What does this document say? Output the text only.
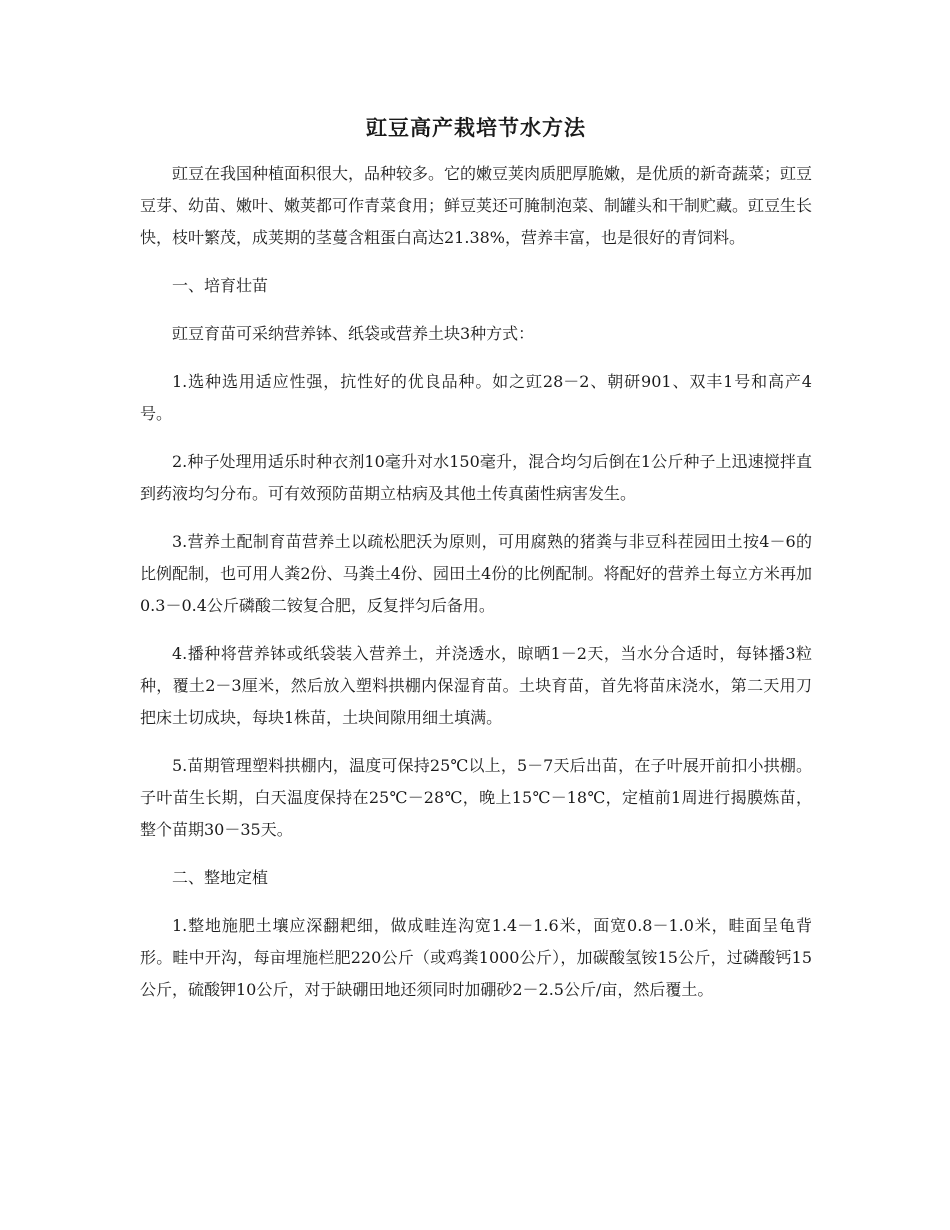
豇豆高产栽培节水方法

豇豆在我国种植面积很大，品种较多。它的嫩豆荚肉质肥厚脆嫩，是优质的新奇蔬菜；豇豆豆芽、幼苗、嫩叶、嫩荚都可作青菜食用；鲜豆荚还可腌制泡菜、制罐头和干制贮藏。豇豆生长快，枝叶繁茂，成荚期的茎蔓含粗蛋白高达21.38%，营养丰富，也是很好的青饲料。

一、培育壮苗

豇豆育苗可采纳营养钵、纸袋或营养土块3种方式：

1.选种选用适应性强，抗性好的优良品种。如之豇28－2、朝研901、双丰1号和高产4号。

2.种子处理用适乐时种衣剂10毫升对水150毫升，混合均匀后倒在1公斤种子上迅速搅拌直到药液均匀分布。可有效预防苗期立枯病及其他土传真菌性病害发生。

3.营养土配制育苗营养土以疏松肥沃为原则，可用腐熟的猪粪与非豆科茬园田土按4－6的比例配制，也可用人粪2份、马粪土4份、园田土4份的比例配制。将配好的营养土每立方米再加0.3－0.4公斤磷酸二铵复合肥，反复拌匀后备用。

4.播种将营养钵或纸袋装入营养土，并浇透水，晾晒1－2天，当水分合适时，每钵播3粒种，覆土2－3厘米，然后放入塑料拱棚内保湿育苗。土块育苗，首先将苗床浇水，第二天用刀把床土切成块，每块1株苗，土块间隙用细土填满。

5.苗期管理塑料拱棚内，温度可保持25℃以上，5－7天后出苗，在子叶展开前扣小拱棚。子叶苗生长期，白天温度保持在25℃－28℃，晚上15℃－18℃，定植前1周进行揭膜炼苗，整个苗期30－35天。

二、整地定植

1.整地施肥土壤应深翻耙细，做成畦连沟宽1.4－1.6米，面宽0.8－1.0米，畦面呈龟背形。畦中开沟，每亩埋施栏肥220公斤（或鸡粪1000公斤），加碳酸氢铵15公斤，过磷酸钙15公斤，硫酸钾10公斤，对于缺硼田地还须同时加硼砂2－2.5公斤/亩，然后覆土。
